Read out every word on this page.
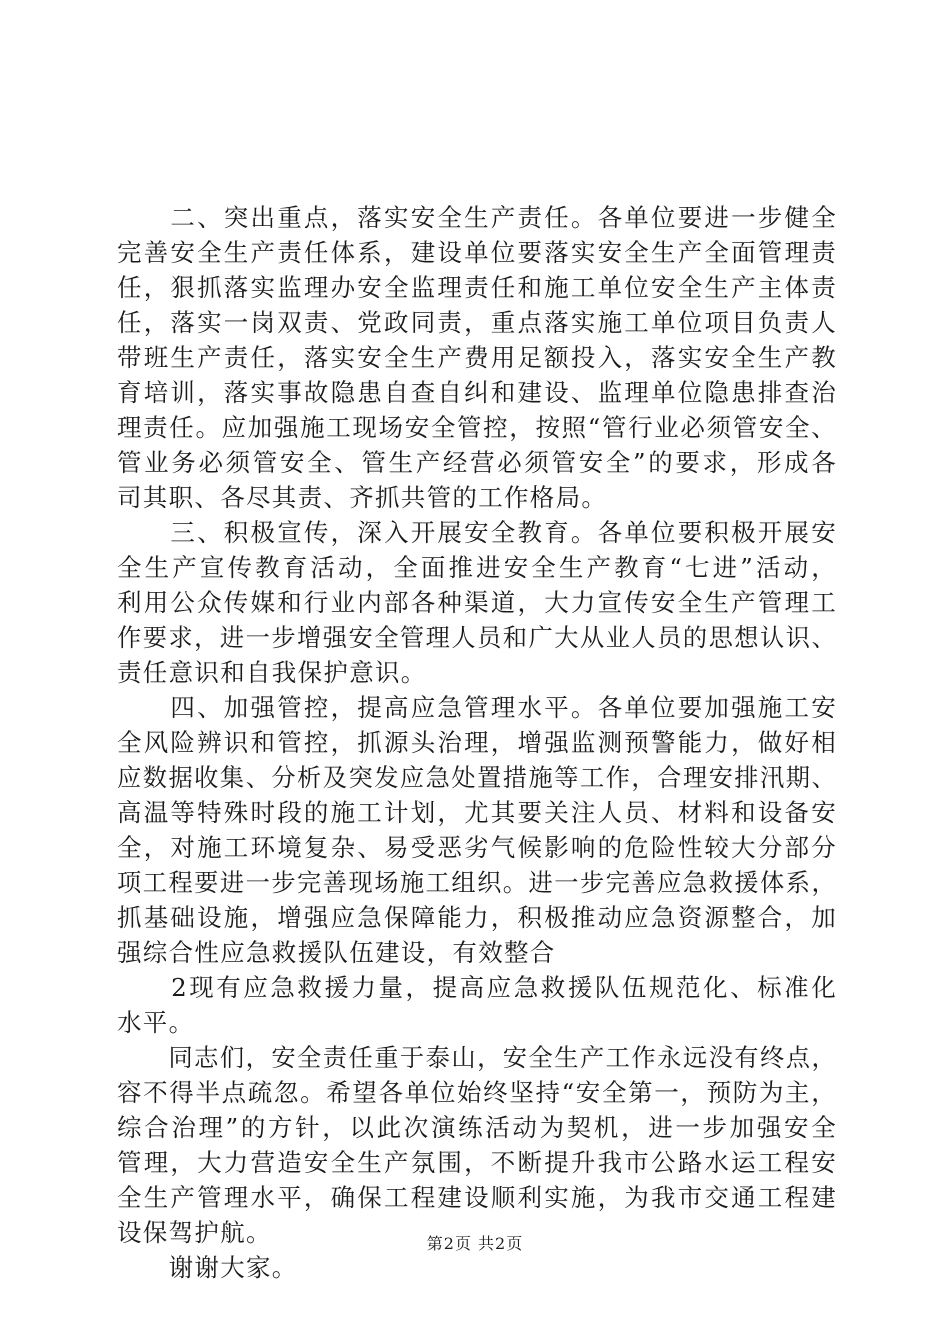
　　二、突出重点，落实安全生产责任。各单位要进一步健全
完善安全生产责任体系，建设单位要落实安全生产全面管理责
任，狠抓落实监理办安全监理责任和施工单位安全生产主体责
任，落实一岗双责、党政同责，重点落实施工单位项目负责人
带班生产责任，落实安全生产费用足额投入，落实安全生产教
育培训，落实事故隐患自查自纠和建设、监理单位隐患排查治
理责任。应加强施工现场安全管控，按照“管行业必须管安全、
管业务必须管安全、管生产经营必须管安全”的要求，形成各
司其职、各尽其责、齐抓共管的工作格局。
　　三、积极宣传，深入开展安全教育。各单位要积极开展安
全生产宣传教育活动，全面推进安全生产教育“七进”活动，
利用公众传媒和行业内部各种渠道，大力宣传安全生产管理工
作要求，进一步增强安全管理人员和广大从业人员的思想认识、
责任意识和自我保护意识。
　　四、加强管控，提高应急管理水平。各单位要加强施工安
全风险辨识和管控，抓源头治理，增强监测预警能力，做好相
应数据收集、分析及突发应急处置措施等工作，合理安排汛期、
高温等特殊时段的施工计划，尤其要关注人员、材料和设备安
全，对施工环境复杂、易受恶劣气候影响的危险性较大分部分
项工程要进一步完善现场施工组织。进一步完善应急救援体系，
抓基础设施，增强应急保障能力，积极推动应急资源整合，加
强综合性应急救援队伍建设，有效整合
　　2现有应急救援力量，提高应急救援队伍规范化、标准化
水平。
　　同志们，安全责任重于泰山，安全生产工作永远没有终点，
容不得半点疏忽。希望各单位始终坚持“安全第一，预防为主，
综合治理”的方针，以此次演练活动为契机，进一步加强安全
管理，大力营造安全生产氛围，不断提升我市公路水运工程安
全生产管理水平，确保工程建设顺利实施，为我市交通工程建
设保驾护航。
　　谢谢大家。
第2页 共2页
